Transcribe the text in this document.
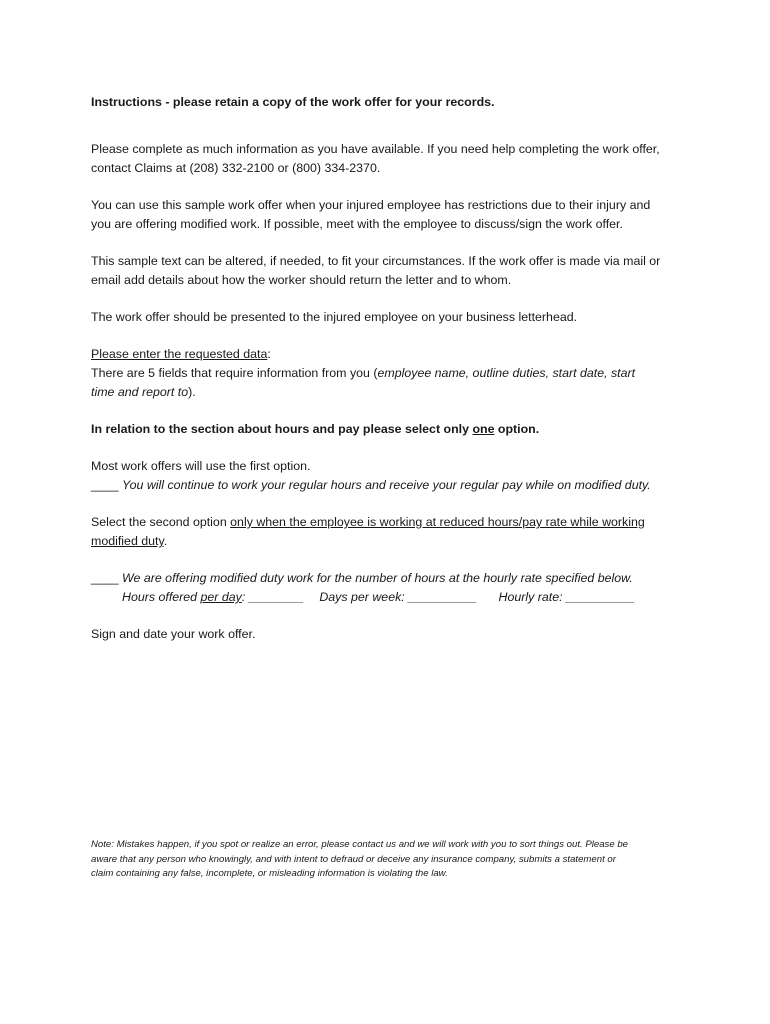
Instructions - please retain a copy of the work offer for your records.

Please complete as much information as you have available. If you need help completing the work offer,
contact Claims at (208) 332-2100 or (800) 334-2370.

You can use this sample work offer when your injured employee has restrictions due to their injury and
you are offering modified work. If possible, meet with the employee to discuss/sign the work offer.

This sample text can be altered, if needed, to fit your circumstances. If the work offer is made via mail or
email add details about how the worker should return the letter and to whom.

The work offer should be presented to the injured employee on your business letterhead.

Please enter the requested data:
There are 5 fields that require information from you (employee name, outline duties, start date, start
time and report to).

In relation to the section about hours and pay please select only one option.

Most work offers will use the first option.
____ You will continue to work your regular hours and receive your regular pay while on modified duty.

Select the second option only when the employee is working at reduced hours/pay rate while working
modified duty.

____ We are offering modified duty work for the number of hours at the hourly rate specified below.
Hours offered per day: ________ Days per week: __________ Hourly rate: __________

Sign and date your work offer.

Note: Mistakes happen, if you spot or realize an error, please contact us and we will work with you to sort things out. Please be
aware that any person who knowingly, and with intent to defraud or deceive any insurance company, submits a statement or
claim containing any false, incomplete, or misleading information is violating the law.
